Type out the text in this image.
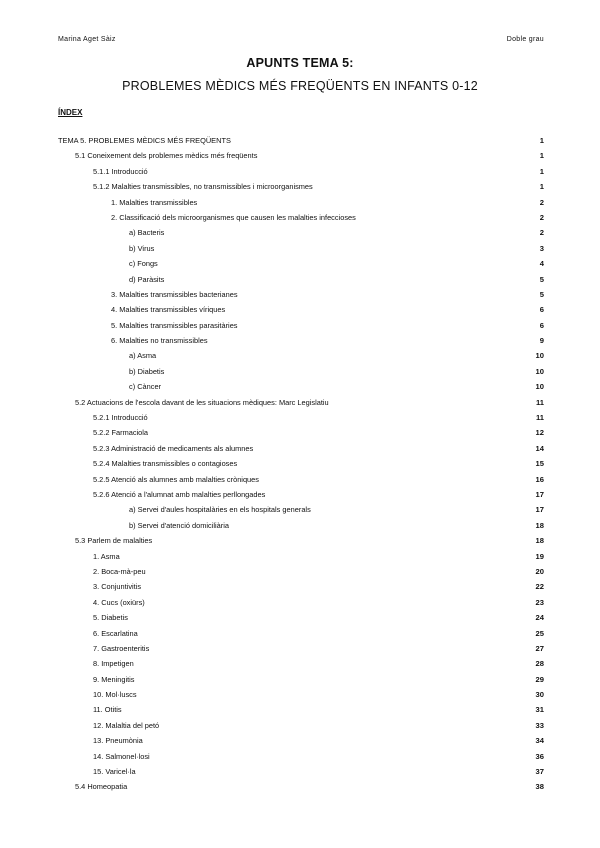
Marina Aget Sàiz	Doble grau
APUNTS TEMA 5:
PROBLEMES MÈDICS MÉS FREQÜENTS EN INFANTS 0-12
ÍNDEX
TEMA 5. PROBLEMES MÈDICS MÉS FREQÜENTS	1
5.1 Coneixement dels problemes mèdics més freqüents	1
5.1.1 Introducció	1
5.1.2 Malalties transmissibles, no transmissibles i microorganismes	1
1. Malalties transmissibles	2
2. Classificació dels microorganismes que causen les malalties infeccioses	2
a) Bacteris	2
b) Virus	3
c) Fongs	4
d) Paràsits	5
3. Malalties transmissibles bacterianes	5
4. Malalties transmissibles víriques	6
5. Malalties transmissibles parasitàries	6
6. Malalties no transmissibles	9
a) Asma	10
b) Diabetis	10
c) Càncer	10
5.2 Actuacions de l'escola davant de les situacions mèdiques: Marc Legislatiu	11
5.2.1 Introducció	11
5.2.2 Farmaciola	12
5.2.3 Administració de medicaments als alumnes	14
5.2.4 Malalties transmissibles o contagioses	15
5.2.5 Atenció als alumnes amb malalties cròniques	16
5.2.6 Atenció a l'alumnat amb malalties perllongades	17
a) Servei d'aules hospitalàries en els hospitals generals	17
b) Servei d'atenció domiciliària	18
5.3 Parlem de malalties	18
1. Asma	19
2. Boca-mà-peu	20
3. Conjuntivitis	22
4. Cucs (oxiürs)	23
5. Diabetis	24
6. Escarlatina	25
7. Gastroenteritis	27
8. Impetigen	28
9. Meningitis	29
10. Mol·luscs	30
11. Otitis	31
12. Malaltia del petó	33
13. Pneumònia	34
14. Salmonel·losi	36
15. Varicel·la	37
5.4 Homeopatia	38
